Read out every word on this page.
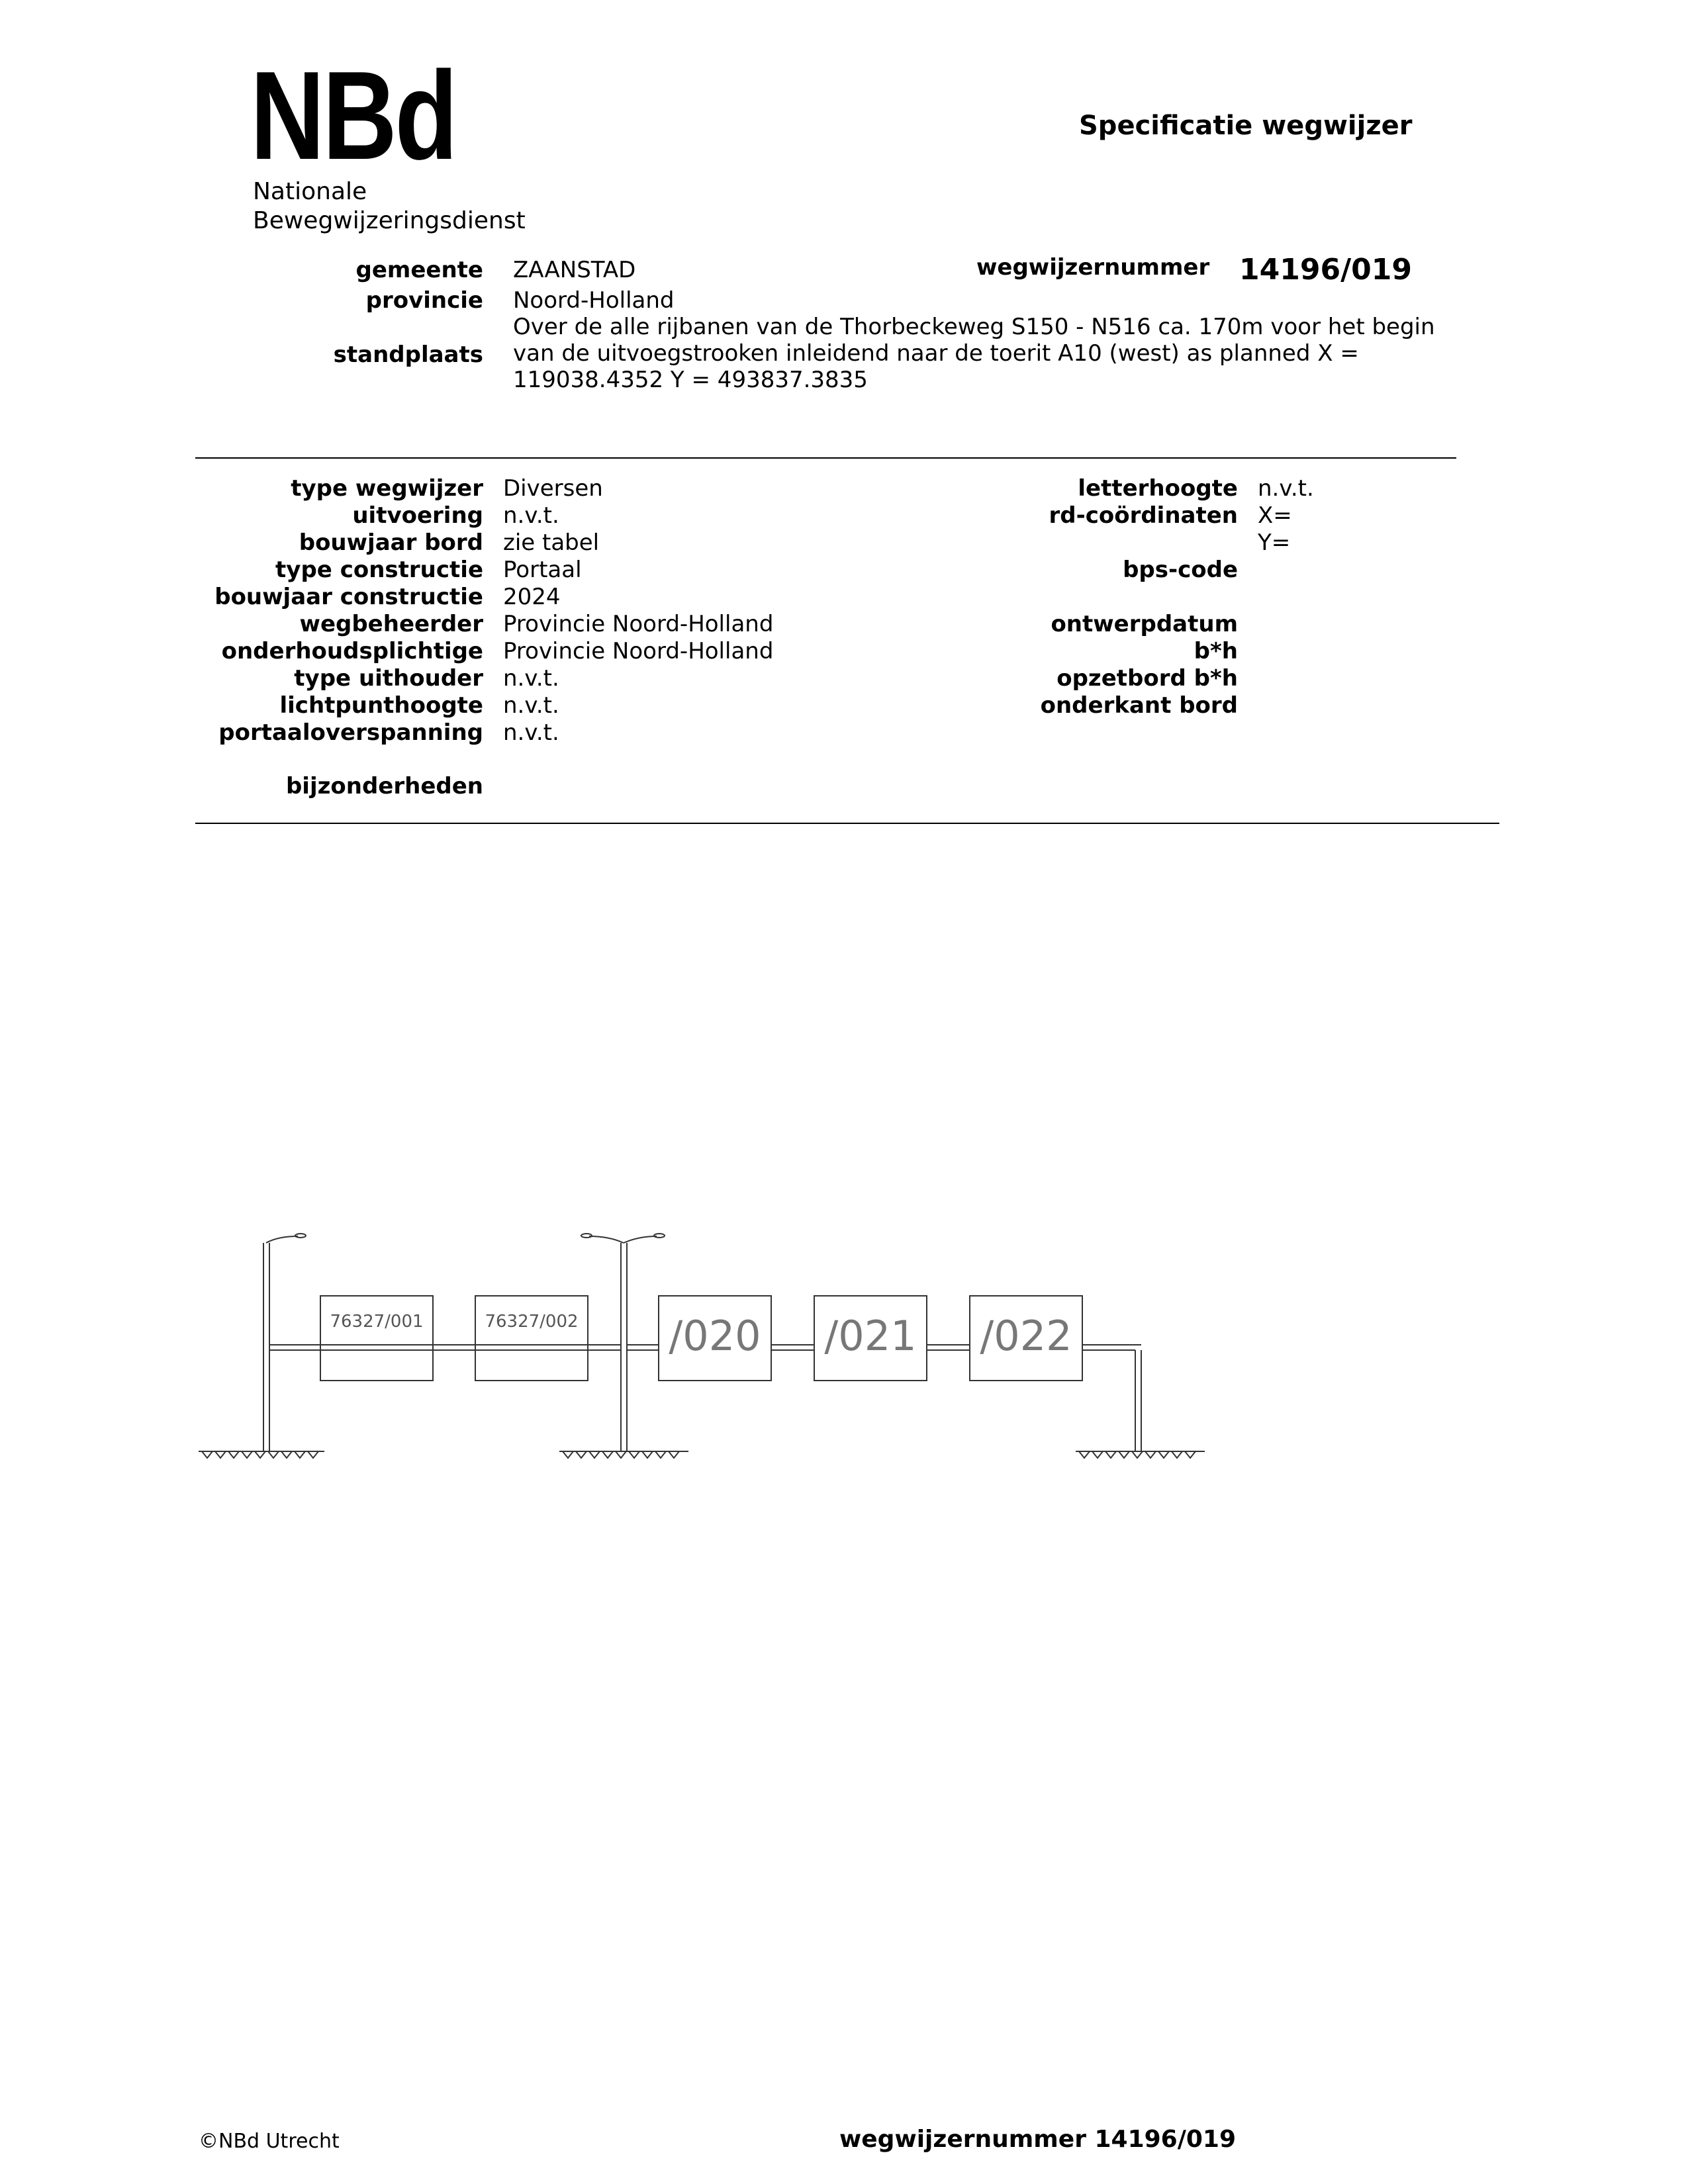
NBd
Nationale
Bewegwijzeringsdienst
Specificatie wegwijzer
gemeente ZAANSTAD
provincie Noord-Holland
Over de alle rijbanen van de Thorbeckeweg S150 - N516 ca. 170m voor het begin
standplaats van de uitvoegstrooken inleidend naar de toerit A10 (west) as planned X =
119038.4352 Y = 493837.3835
wegwijzernummer 14196/019
type wegwijzer Diversen
uitvoering n.v.t.
bouwjaar bord zie tabel
type constructie Portaal
bouwjaar constructie 2024
wegbeheerder Provincie Noord-Holland
onderhoudsplichtige Provincie Noord-Holland
type uithouder n.v.t.
lichtpunthoogte n.v.t.
portaaloverspanning n.v.t.
bijzonderheden
letterhoogte n.v.t.
rd-coördinaten X=
Y=
bps-code
ontwerpdatum
b*h
opzetbord b*h
onderkant bord
76327/001	76327/002 /020 /021 /022
©NBd Utrecht	wegwijzernummer 14196/019
